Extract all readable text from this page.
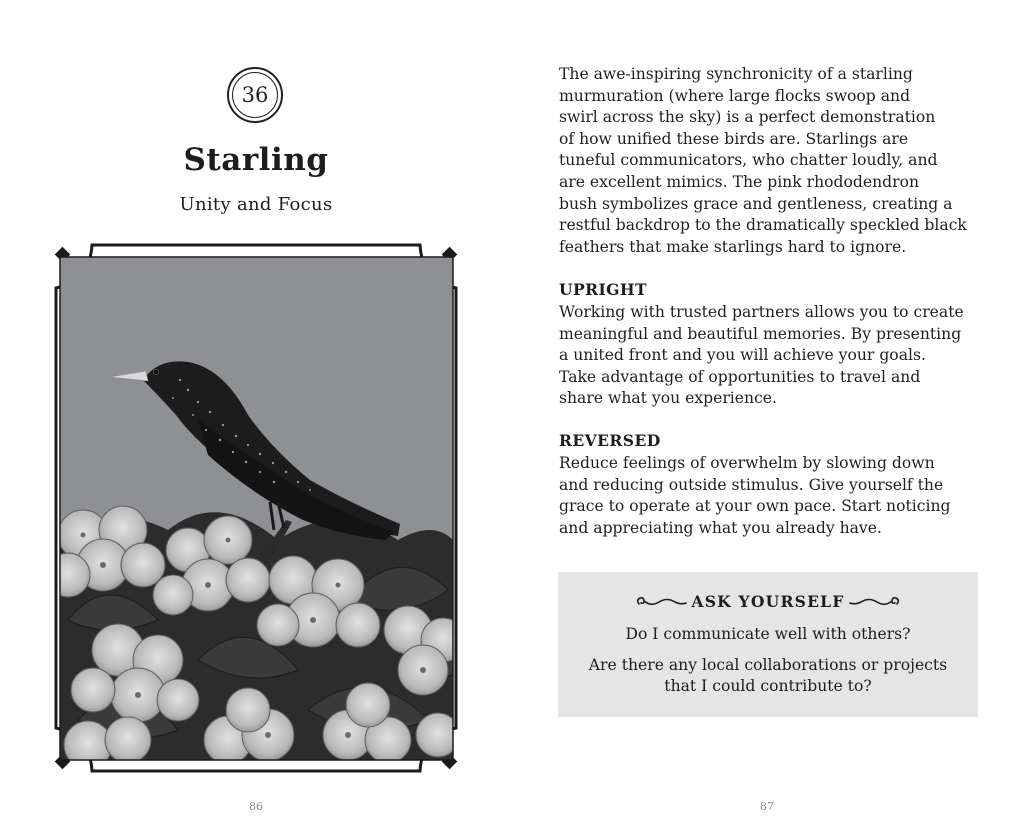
36
Starling
Unity and Focus
86
The awe-inspiring synchronicity of a starling
murmuration (where large flocks swoop and
swirl across the sky) is a perfect demonstration
of how unified these birds are. Starlings are
tuneful communicators, who chatter loudly, and
are excellent mimics. The pink rhododendron
bush symbolizes grace and gentleness, creating a
restful backdrop to the dramatically speckled black
feathers that make starlings hard to ignore.
UPRIGHT
Working with trusted partners allows you to create
meaningful and beautiful memories. By presenting
a united front and you will achieve your goals.
Take advantage of opportunities to travel and
share what you experience.
REVERSED
Reduce feelings of overwhelm by slowing down
and reducing outside stimulus. Give yourself the
grace to operate at your own pace. Start noticing
and appreciating what you already have.
ASK YOURSELF
Do I communicate well with others?
Are there any local collaborations or projects
that I could contribute to?
87
